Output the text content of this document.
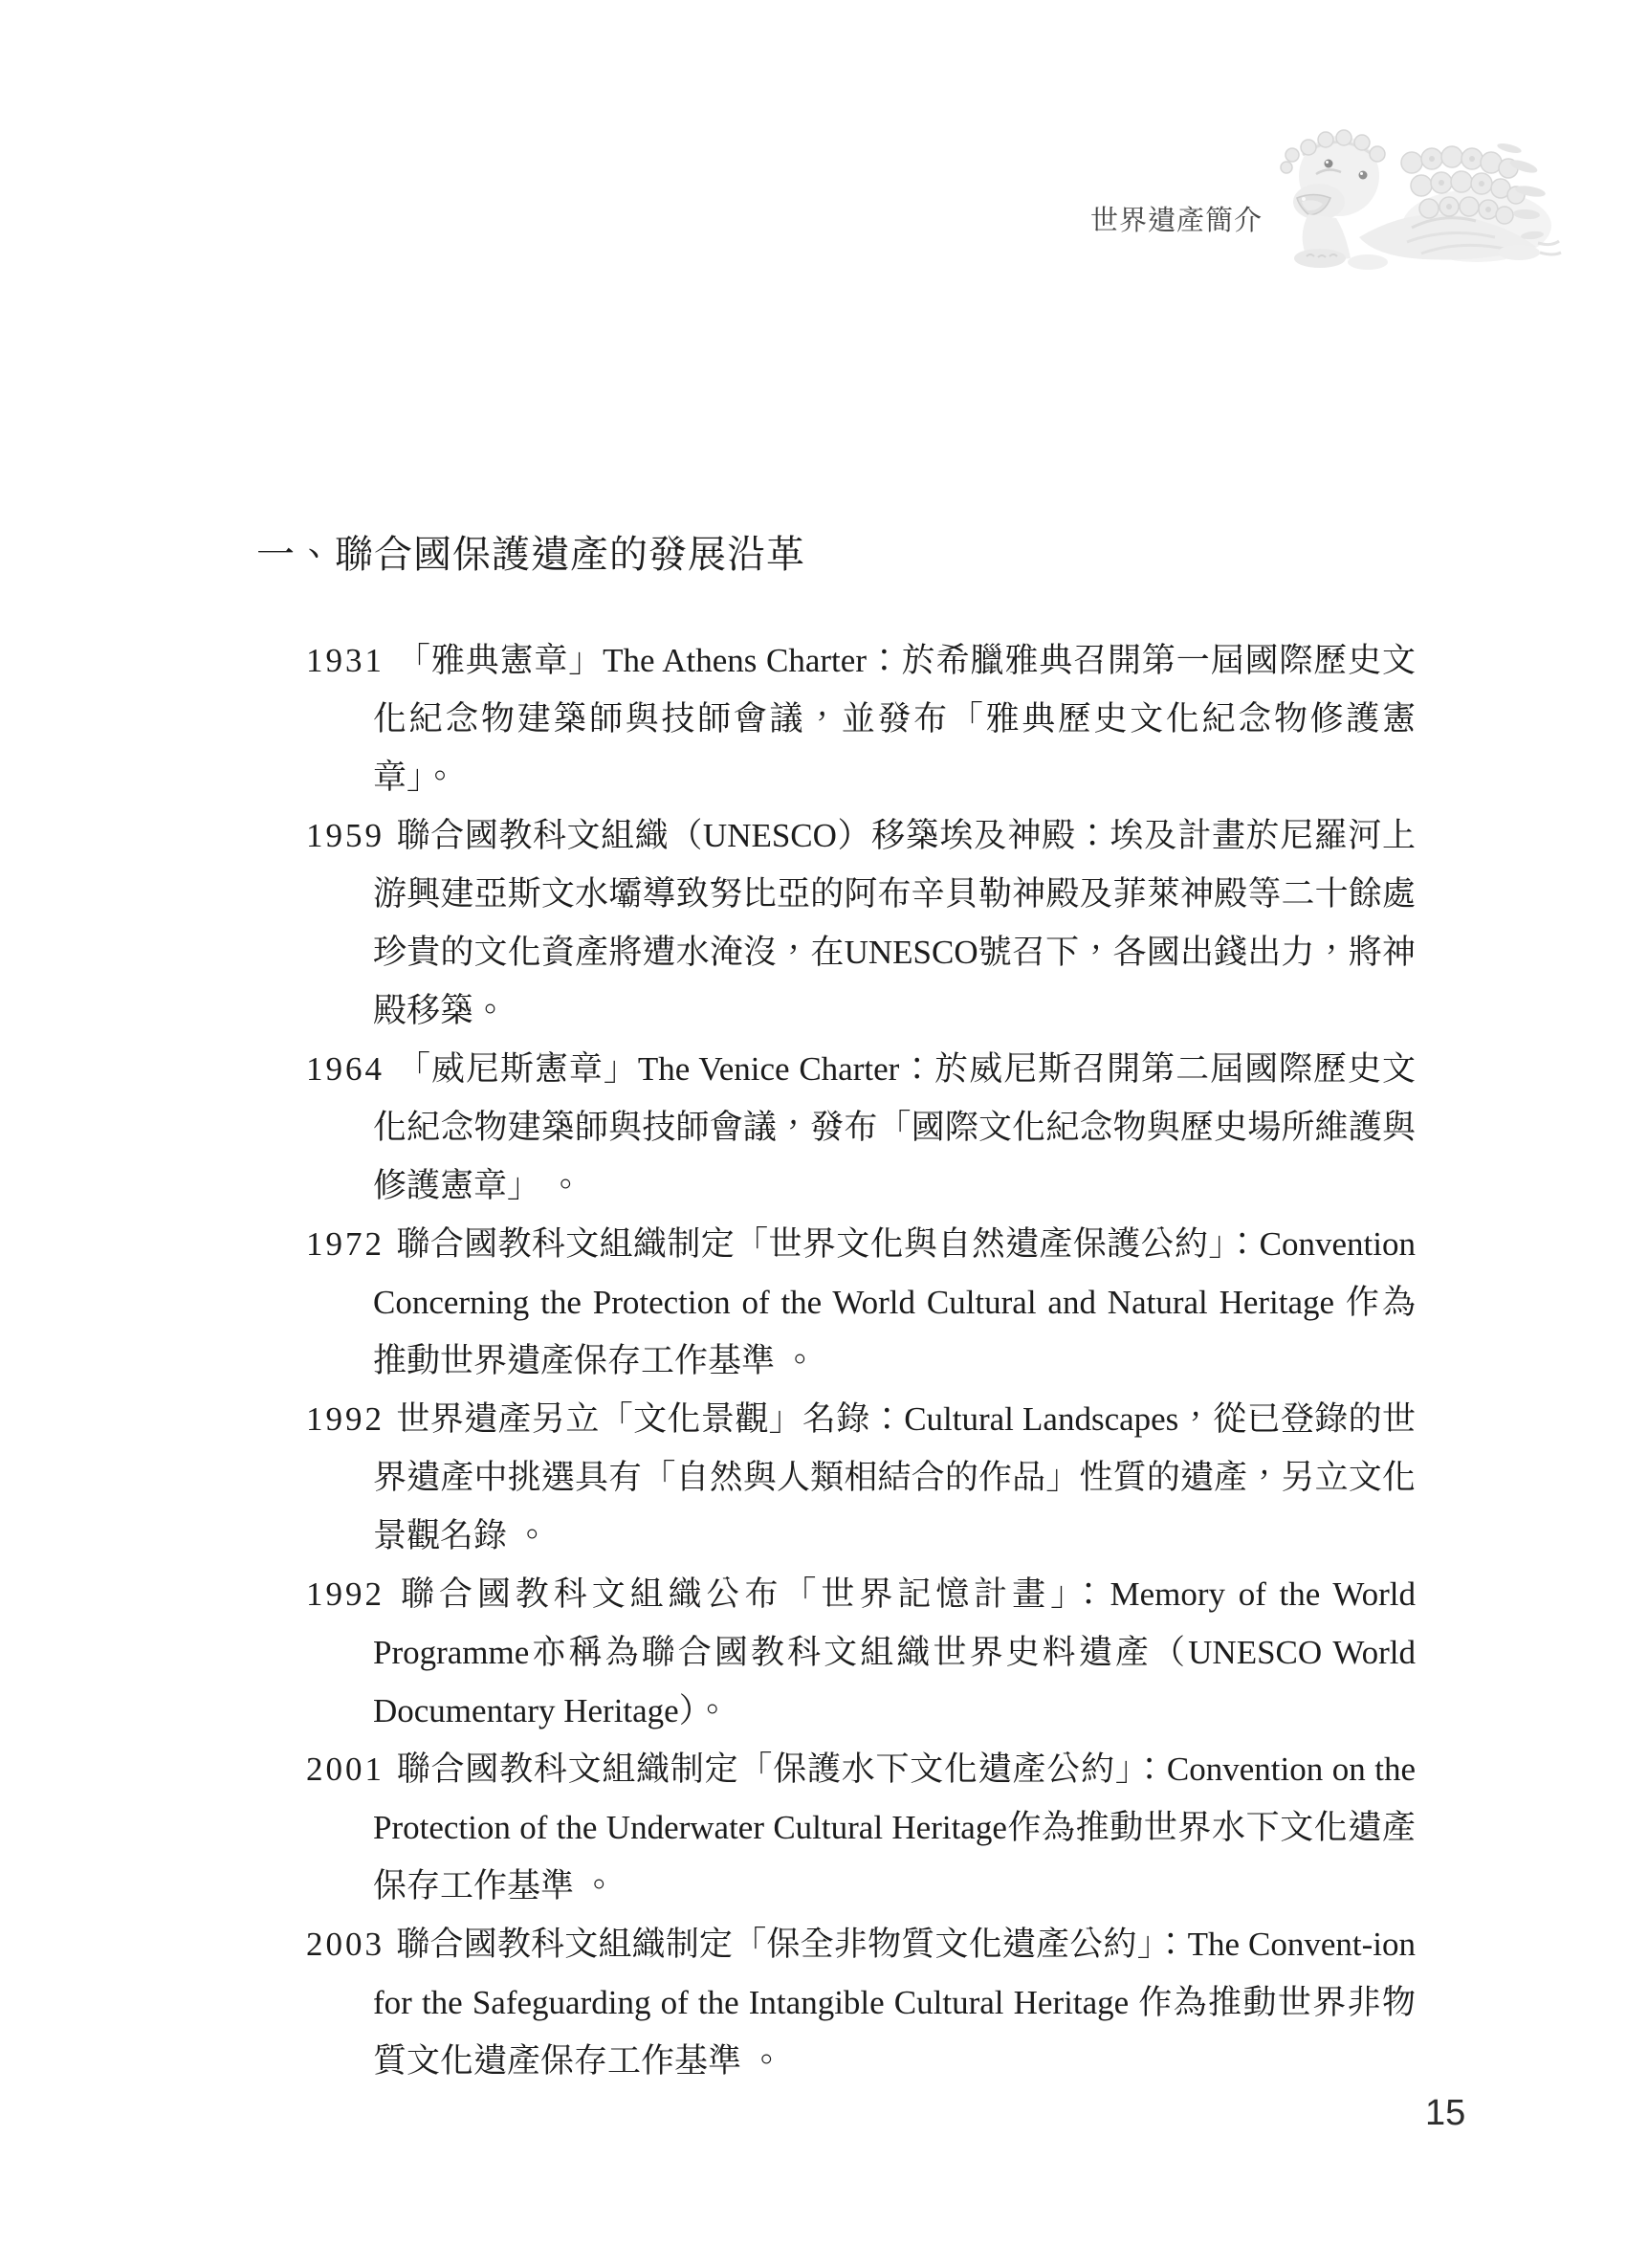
世界遺產簡介
一、聯合國保護遺產的發展沿革

1931 「雅典憲章」The Athens Charter：於希臘雅典召開第一屆國際歷史文化紀念物建築師與技師會議，並發布「雅典歷史文化紀念物修護憲章」。

1959 聯合國教科文組織（UNESCO）移築埃及神殿：埃及計畫於尼羅河上游興建亞斯文水壩導致努比亞的阿布辛貝勒神殿及菲萊神殿等二十餘處珍貴的文化資產將遭水淹沒，在UNESCO號召下，各國出錢出力，將神殿移築。

1964 「威尼斯憲章」The Venice Charter：於威尼斯召開第二屆國際歷史文化紀念物建築師與技師會議，發布「國際文化紀念物與歷史場所維護與修護憲章」 。

1972 聯合國教科文組織制定「世界文化與自然遺產保護公約」：Convention Concerning the Protection of the World Cultural and Natural Heritage 作為推動世界遺產保存工作基準 。

1992 世界遺產另立「文化景觀」名錄：Cultural Landscapes，從已登錄的世界遺產中挑選具有「自然與人類相結合的作品」性質的遺產，另立文化景觀名錄 。

1992 聯合國教科文組織公布「世界記憶計畫」：Memory of the World Programme亦稱為聯合國教科文組織世界史料遺產（UNESCO World Documentary Heritage）。

2001 聯合國教科文組織制定「保護水下文化遺產公約」：Convention on the Protection of the Underwater Cultural Heritage作為推動世界水下文化遺產保存工作基準 。

2003 聯合國教科文組織制定「保全非物質文化遺產公約」：The Convent-ion for the Safeguarding of the Intangible Cultural Heritage 作為推動世界非物質文化遺產保存工作基準 。

15
